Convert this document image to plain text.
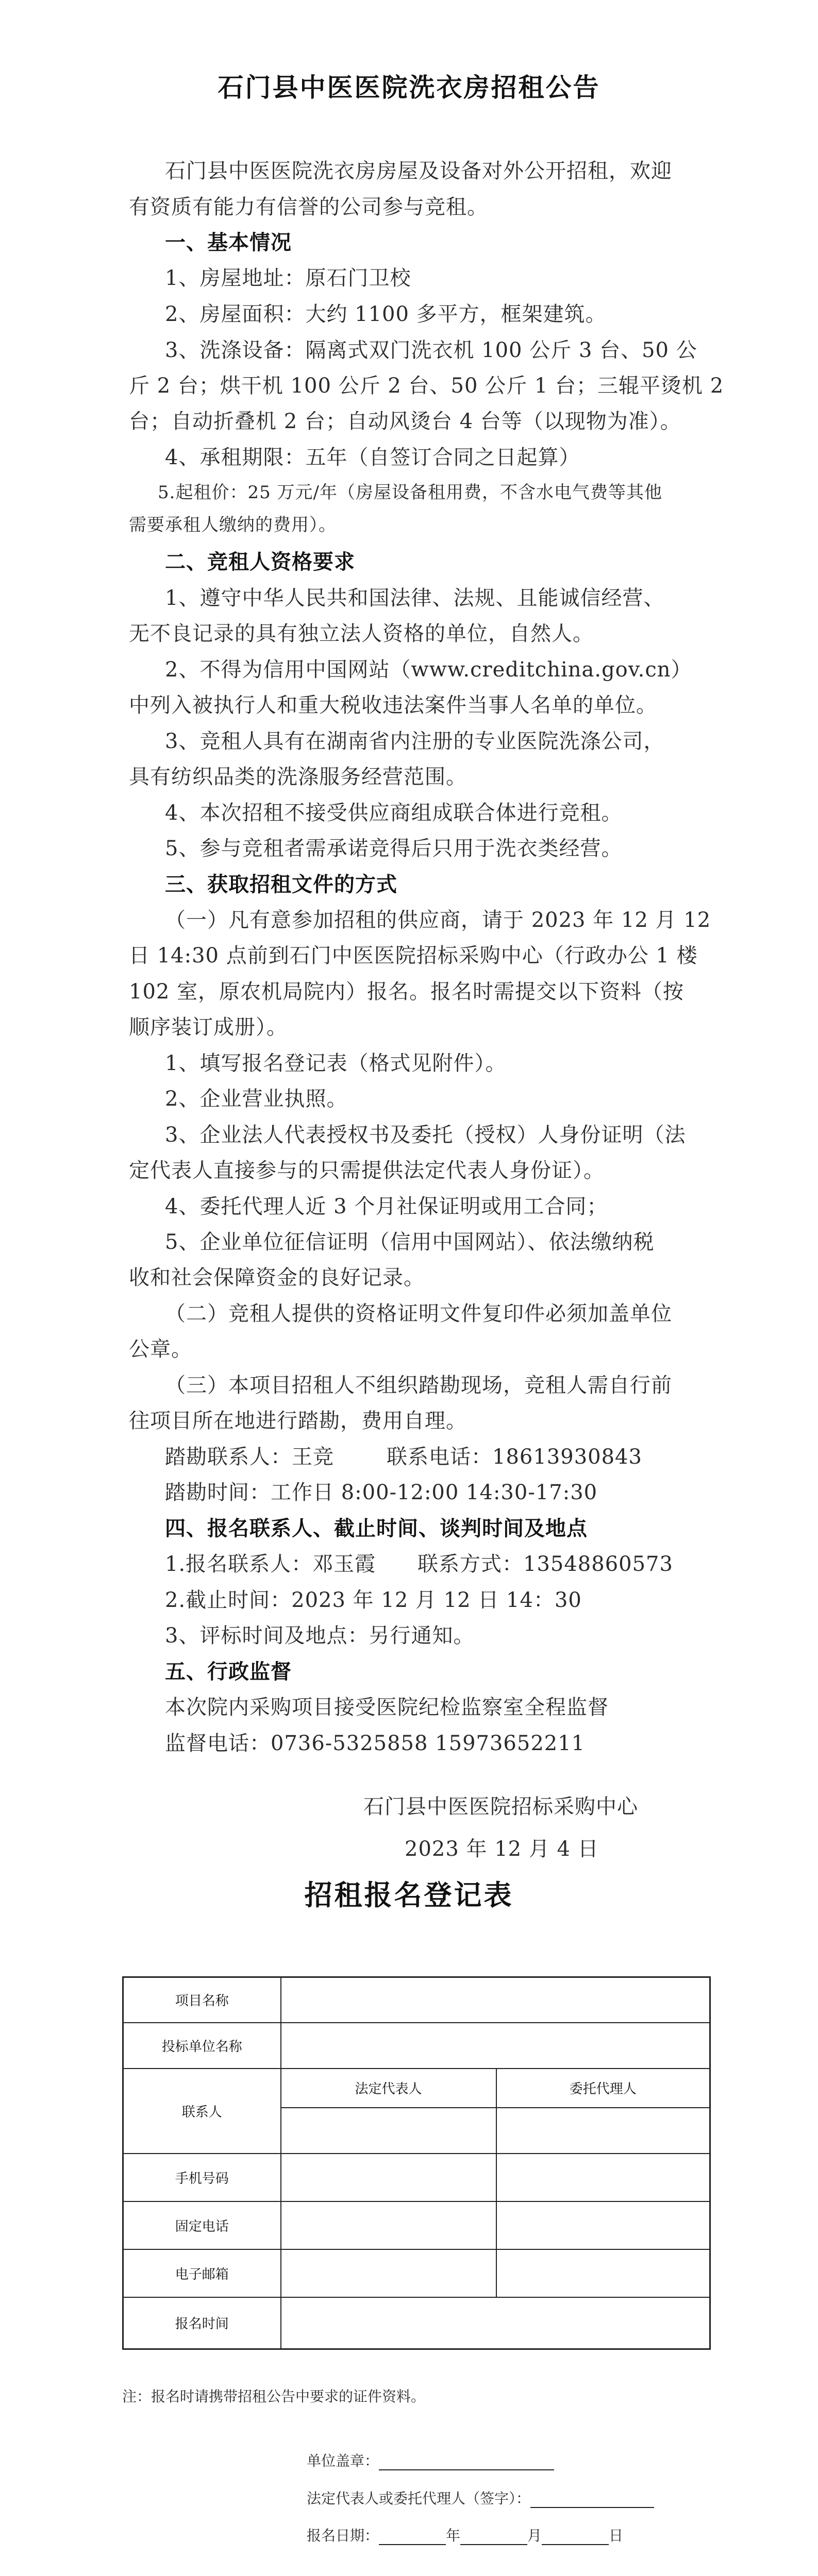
石门县中医医院洗衣房招租公告
石门县中医医院洗衣房房屋及设备对外公开招租，欢迎
有资质有能力有信誉的公司参与竞租。
一、基本情况
1、房屋地址：原石门卫校
2、房屋面积：大约 1100 多平方，框架建筑。
3、洗涤设备：隔离式双门洗衣机 100 公斤 3 台、50 公
斤 2 台；烘干机 100 公斤 2 台、50 公斤 1 台；三辊平烫机 2
台；自动折叠机 2 台；自动风烫台 4 台等（以现物为准）。
4、承租期限：五年（自签订合同之日起算）
5.起租价：25 万元/年（房屋设备租用费，不含水电气费等其他
需要承租人缴纳的费用）。
二、竞租人资格要求
1、遵守中华人民共和国法律、法规、且能诚信经营、
无不良记录的具有独立法人资格的单位，自然人。
2、不得为信用中国网站（www.creditchina.gov.cn）
中列入被执行人和重大税收违法案件当事人名单的单位。
3、竞租人具有在湖南省内注册的专业医院洗涤公司，
具有纺织品类的洗涤服务经营范围。
4、本次招租不接受供应商组成联合体进行竞租。
5、参与竞租者需承诺竞得后只用于洗衣类经营。
三、获取招租文件的方式
（一）凡有意参加招租的供应商，请于 2023 年 12 月 12
日 14:30 点前到石门中医医院招标采购中心（行政办公 1 楼
102 室，原农机局院内）报名。报名时需提交以下资料（按
顺序装订成册）。
1、填写报名登记表（格式见附件）。
2、企业营业执照。
3、企业法人代表授权书及委托（授权）人身份证明（法
定代表人直接参与的只需提供法定代表人身份证）。
4、委托代理人近 3 个月社保证明或用工合同；
5、企业单位征信证明（信用中国网站）、依法缴纳税
收和社会保障资金的良好记录。
（二）竞租人提供的资格证明文件复印件必须加盖单位
公章。
（三）本项目招租人不组织踏勘现场，竞租人需自行前
往项目所在地进行踏勘，费用自理。
踏勘联系人：王竞	联系电话：18613930843
踏勘时间：工作日 8:00-12:00 14:30-17:30
四、报名联系人、截止时间、谈判时间及地点
1.报名联系人：邓玉霞 联系方式：13548860573
2.截止时间：2023 年 12 月 12 日 14：30
3、评标时间及地点：另行通知。
五、行政监督
本次院内采购项目接受医院纪检监察室全程监督
监督电话：0736-5325858 15973652211
石门县中医医院招标采购中心
2023 年 12 月 4 日
招租报名登记表
项目名称		
投标单位名称		
联系人	法定代表人	委托代理人

手机号码		
固定电话		
电子邮箱		
报名时间		
注：报名时请携带招租公告中要求的证件资料。
单位盖章：
法定代表人或委托代理人（签字）：
报名日期：	年	月	日
